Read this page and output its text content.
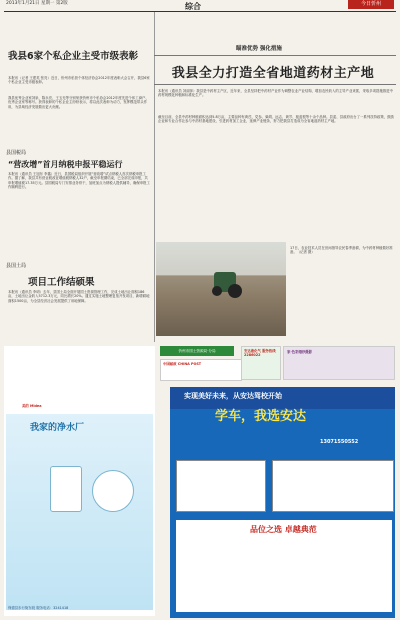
2013年1月21日 星期一 第2版	综合	今日忻州
我县6家个私企业主受市级表彰
本报讯（记者 王建英 张亮）近日，忻州市私营个体经济协会2012年度表彰大会召开，我县6家个私企业主受市级表彰。
我县优秀企业家刘泉、陈永亮、王玉光等分别荣获忻州市个私协会2012年度先进个体工商户、优秀企业家等称号。获得表彰的个私企业主纷纷表示，将以此次表彰为动力，发挥模范带头作用，为县域经济发展做出更大贡献。
县国税局
“营改增”首月纳税申报平稳运行
本报讯（通讯员 王旭东 李鑫）近日，县国税局组织开展“营改增”试点纳税人首次纳税申报工作。据了解，我县共有营业税改征增值税纳税人32户，截至申报期结束，已全部完成申报，共申报增值税17.35万元。县国税局专门安排业务骨干，加班加点为纳税人提供辅导，确保申报工作顺利进行。
县国土局
项目工作结硕果
本报讯（通讯员 李明）去年，县国土局全面开展国土资源管理工作，完成土地出让面积186亩，土地出让金收入5712.3万元，同比增长20%。通过实施土地整理复垦开发项目，新增耕地面积1500亩，为全县经济社会发展提供了用地保障。
瞄准优势 强化措施
我县全力打造全省地道药材主产地
本报讯（通讯员 刘丽萍）我县是中药材主产区，近年来，全县坚持把中药材产业作为调整农业产业结构、增加农民收入的主导产业来抓，采取多项措施推进中药材规模化种植和标准化生产。
截至目前，全县中药材种植面积达到5.8万亩，主要品种有黄芪、党参、柴胡、远志、黄芩、板蓝根等十余个品种。县委、县政府出台了一系列扶持政策，鼓励企业和专业合作社参与中药材基地建设，引进药材加工企业，延伸产业链条，努力把我县打造成为全省地道药材主产地。
17日，农业技术人员在田间指导农民春季备耕，为中药材种植做好准备。（记者 摄）
忻州市国土资源局·分局
中国邮政 CHINA POST
安达液化气 服务热线 2286022
家·色彩婚纱摄影
美的 Midea
我家的净水厂
保德县步行街东段 服务电话：3241418
实现美好未来，从安达驾校开始
学车，我选安达
13071550552
品位之选 卓越典范
